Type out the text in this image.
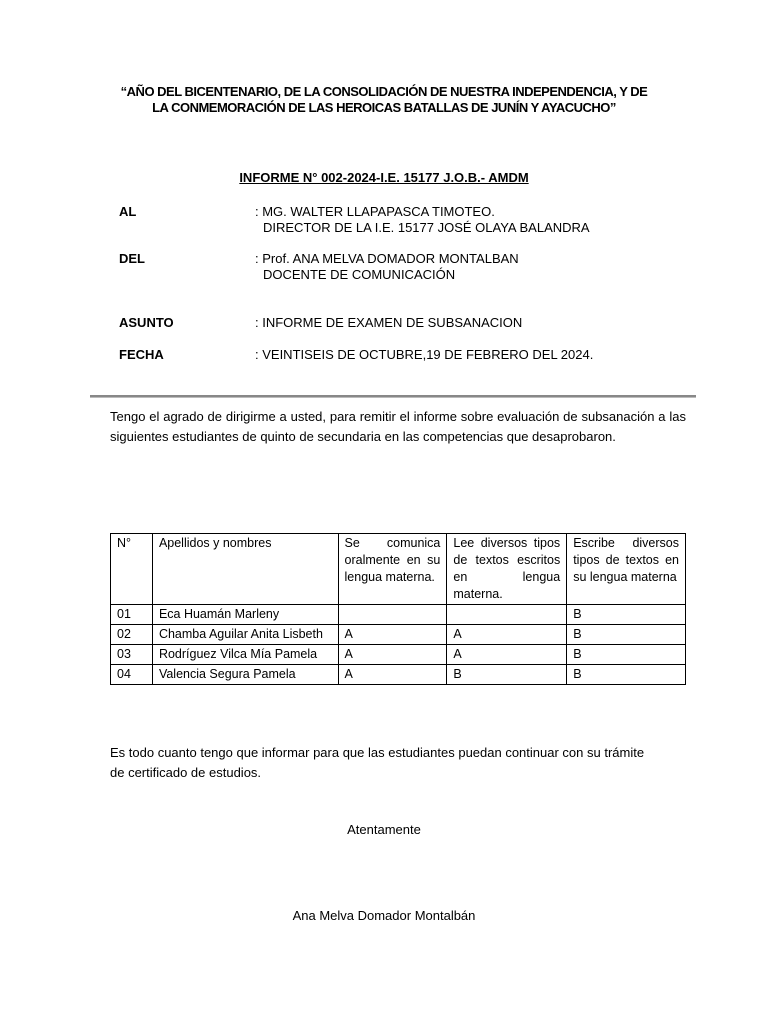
“AÑO DEL BICENTENARIO, DE LA CONSOLIDACIÓN DE NUESTRA INDEPENDENCIA, Y DE
LA CONMEMORACIÓN DE LAS HEROICAS BATALLAS DE JUNÍN Y AYACUCHO”
INFORME N° 002-2024-I.E. 15177 J.O.B.- AMDM
AL	: MG. WALTER LLAPAPASCA TIMOTEO.
DIRECTOR DE LA I.E. 15177 JOSÉ OLAYA BALANDRA
DEL	: Prof. ANA MELVA DOMADOR MONTALBAN
DOCENTE DE COMUNICACIÓN
ASUNTO	: INFORME DE EXAMEN DE SUBSANACION
FECHA	: VEINTISEIS DE OCTUBRE,19 DE FEBRERO DEL 2024.
Tengo el agrado de dirigirme a usted, para remitir el informe sobre evaluación de subsanación a las siguientes estudiantes de quinto de secundaria en las competencias que desaprobaron.
N°	Apellidos y nombres	Se comunica oralmente en su lengua materna.	Lee diversos tipos de textos escritos en lengua materna.	Escribe diversos tipos de textos en su lengua materna
01	Eca Huamán Marleny			B
02	Chamba Aguilar Anita Lisbeth	A	A	B
03	Rodríguez Vilca Mía Pamela	A	A	B
04	Valencia Segura Pamela	A	B	B
Es todo cuanto tengo que informar para que las estudiantes puedan continuar con su trámite de certificado de estudios.
Atentamente
Ana Melva Domador Montalbán
